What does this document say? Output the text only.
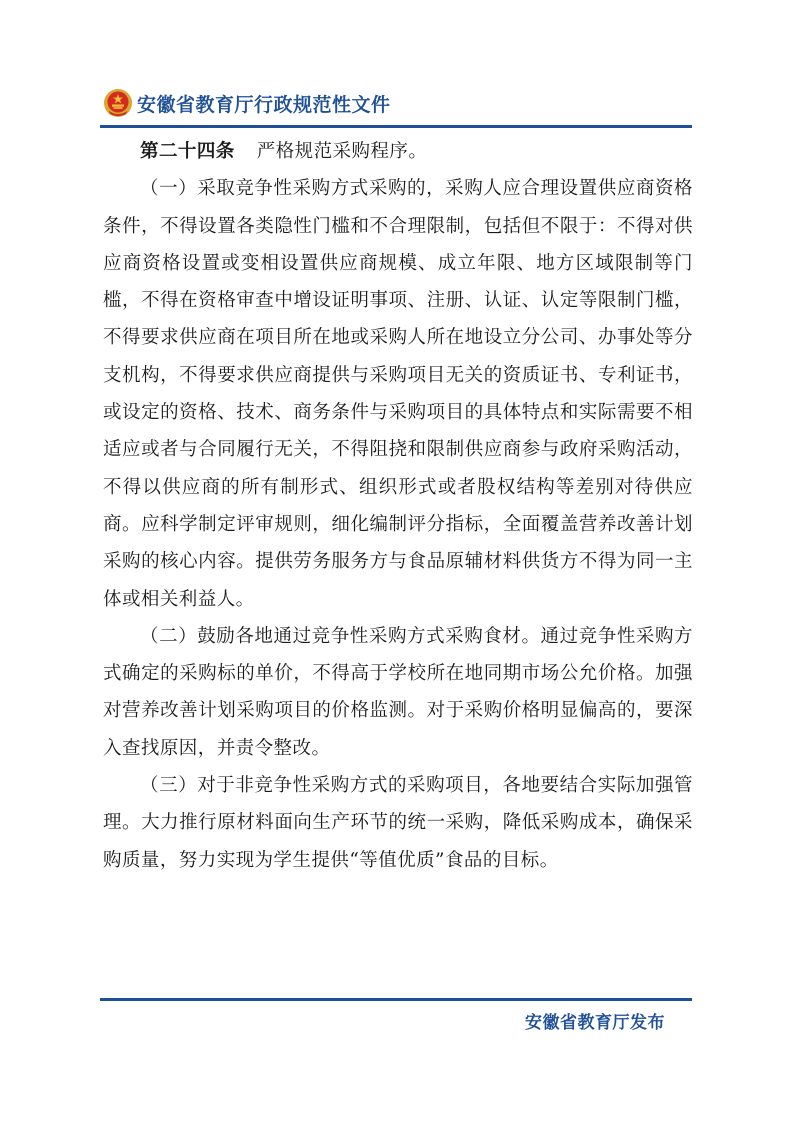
安徽省教育厅行政规范性文件

第二十四条 严格规范采购程序。

（一）采取竞争性采购方式采购的，采购人应合理设置供应商资格条件，不得设置各类隐性门槛和不合理限制，包括但不限于：不得对供应商资格设置或变相设置供应商规模、成立年限、地方区域限制等门槛，不得在资格审查中增设证明事项、注册、认证、认定等限制门槛，不得要求供应商在项目所在地或采购人所在地设立分公司、办事处等分支机构，不得要求供应商提供与采购项目无关的资质证书、专利证书，或设定的资格、技术、商务条件与采购项目的具体特点和实际需要不相适应或者与合同履行无关，不得阻挠和限制供应商参与政府采购活动，不得以供应商的所有制形式、组织形式或者股权结构等差别对待供应商。应科学制定评审规则，细化编制评分指标，全面覆盖营养改善计划采购的核心内容。提供劳务服务方与食品原辅材料供货方不得为同一主体或相关利益人。

（二）鼓励各地通过竞争性采购方式采购食材。通过竞争性采购方式确定的采购标的单价，不得高于学校所在地同期市场公允价格。加强对营养改善计划采购项目的价格监测。对于采购价格明显偏高的，要深入查找原因，并责令整改。

（三）对于非竞争性采购方式的采购项目，各地要结合实际加强管理。大力推行原材料面向生产环节的统一采购，降低采购成本，确保采购质量，努力实现为学生提供“等值优质”食品的目标。

安徽省教育厅发布
